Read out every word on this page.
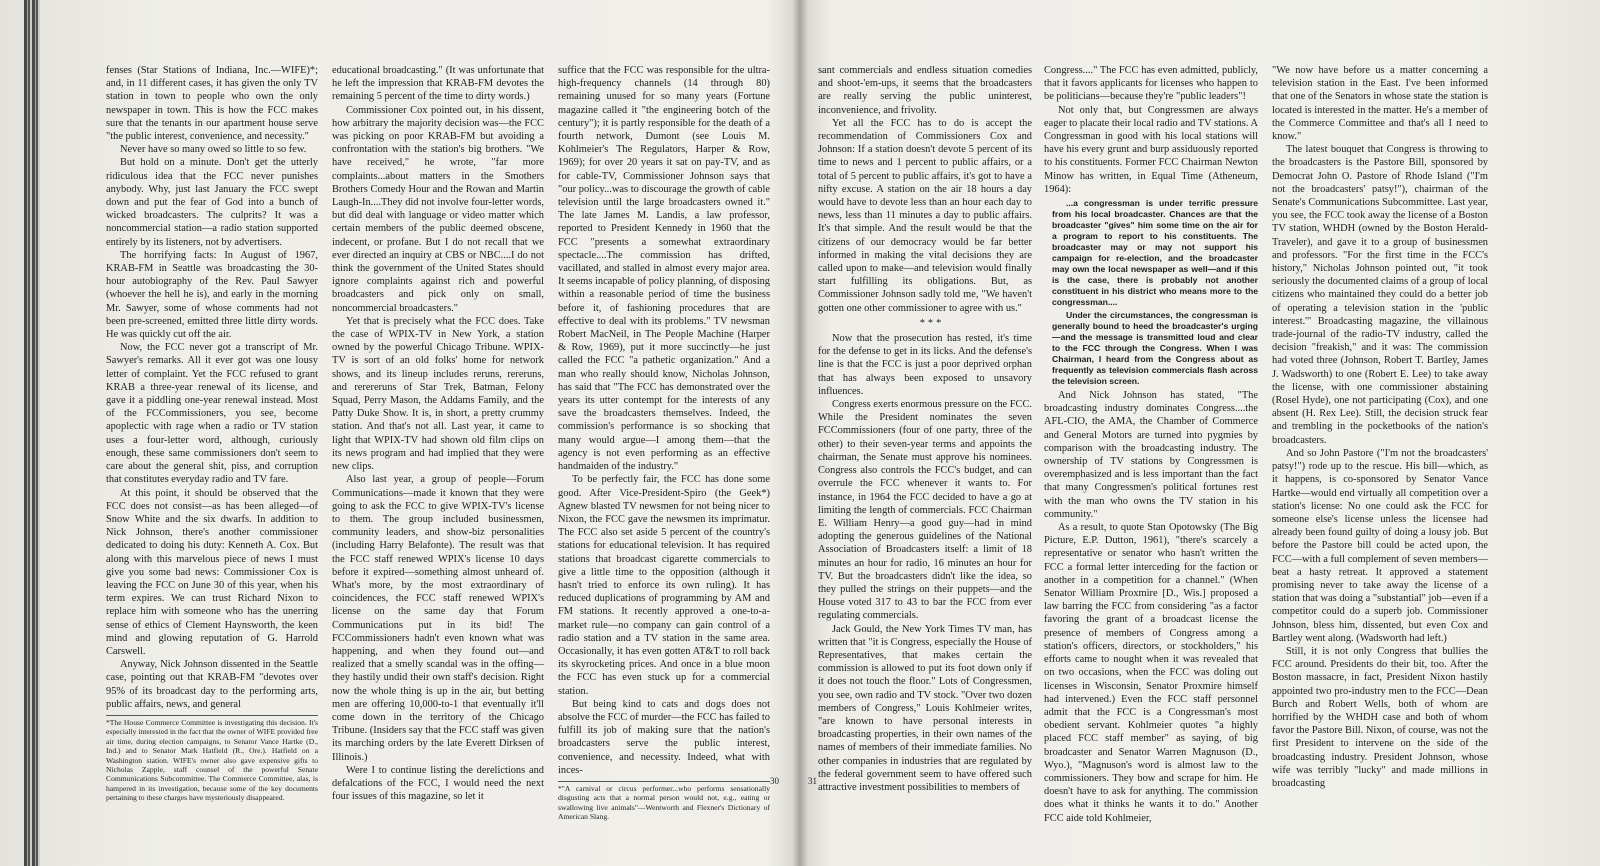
fenses (Star Stations of Indiana, Inc.—WIFE)*; and, in 11 different cases, it has given the only TV station in town to people who own the only newspaper in town. This is how the FCC makes sure that the tenants in our apartment house serve "the public interest, convenience, and necessity."

Never have so many owed so little to so few.

But hold on a minute. Don't get the utterly ridiculous idea that the FCC never punishes anybody. Why, just last January the FCC swept down and put the fear of God into a bunch of wicked broadcasters. The culprits? It was a noncommercial station—a radio station supported entirely by its listeners, not by advertisers.

The horrifying facts: In August of 1967, KRAB-FM in Seattle was broadcasting the 30-hour autobiography of the Rev. Paul Sawyer (whoever the hell he is), and early in the morning Mr. Sawyer, some of whose comments had not been pre-screened, emitted three little dirty words. He was quickly cut off the air.

Now, the FCC never got a transcript of Mr. Sawyer's remarks. All it ever got was one lousy letter of complaint. Yet the FCC refused to grant KRAB a three-year renewal of its license, and gave it a piddling one-year renewal instead. Most of the FCCommissioners, you see, become apoplectic with rage when a radio or TV station uses a four-letter word, although, curiously enough, these same commissioners don't seem to care about the general shit, piss, and corruption that constitutes everyday radio and TV fare.

At this point, it should be observed that the FCC does not consist—as has been alleged—of Snow White and the six dwarfs. In addition to Nick Johnson, there's another commissioner dedicated to doing his duty: Kenneth A. Cox. But along with this marvelous piece of news I must give you some bad news: Commissioner Cox is leaving the FCC on June 30 of this year, when his term expires. We can trust Richard Nixon to replace him with someone who has the unerring sense of ethics of Clement Haynsworth, the keen mind and glowing reputation of G. Harrold Carswell.

Anyway, Nick Johnson dissented in the Seattle case, pointing out that KRAB-FM "devotes over 95% of its broadcast day to the performing arts, public affairs, news, and general

*The House Commerce Committee is investigating this decision. It's especially interested in the fact that the owner of WIFE provided free air time, during election campaigns, to Senator Vance Hartke (D., Ind.) and to Senator Mark Hatfield (R., Ore.). Hatfield on a Washington station. WIFE's owner also gave expensive gifts to Nicholas Zapple, staff counsel of the powerful Senate Communications Subcommittee. The Commerce Committee, alas, is hampered in its investigation, because some of the key documents pertaining to these charges have mysteriously disappeared.

educational broadcasting." (It was unfortunate that he left the impression that KRAB-FM devotes the remaining 5 percent of the time to dirty words.)

Commissioner Cox pointed out, in his dissent, how arbitrary the majority decision was—the FCC was picking on poor KRAB-FM but avoiding a confrontation with the station's big brothers. "We have received," he wrote, "far more complaints...about matters in the Smothers Brothers Comedy Hour and the Rowan and Martin Laugh-In....They did not involve four-letter words, but did deal with language or video matter which certain members of the public deemed obscene, indecent, or profane. But I do not recall that we ever directed an inquiry at CBS or NBC....I do not think the government of the United States should ignore complaints against rich and powerful broadcasters and pick only on small, noncommercial broadcasters."

Yet that is precisely what the FCC does. Take the case of WPIX-TV in New York, a station owned by the powerful Chicago Tribune. WPIX-TV is sort of an old folks' home for network shows, and its lineup includes reruns, rereruns, and rerereruns of Star Trek, Batman, Felony Squad, Perry Mason, the Addams Family, and the Patty Duke Show. It is, in short, a pretty crummy station. And that's not all. Last year, it came to light that WPIX-TV had shown old film clips on its news program and had implied that they were new clips.

Also last year, a group of people—Forum Communications—made it known that they were going to ask the FCC to give WPIX-TV's license to them. The group included businessmen, community leaders, and show-biz personalities (including Harry Belafonte). The result was that the FCC staff renewed WPIX's license 10 days before it expired—something almost unheard of. What's more, by the most extraordinary of coincidences, the FCC staff renewed WPIX's license on the same day that Forum Communications put in its bid! The FCCommissioners hadn't even known what was happening, and when they found out—and realized that a smelly scandal was in the offing—they hastily undid their own staff's decision. Right now the whole thing is up in the air, but betting men are offering 10,000-to-1 that eventually it'll come down in the territory of the Chicago Tribune. (Insiders say that the FCC staff was given its marching orders by the late Everett Dirksen of Illinois.)

Were I to continue listing the derelictions and defalcations of the FCC, I would need the next four issues of this magazine, so let it

suffice that the FCC was responsible for the ultra-high-frequency channels (14 through 80) remaining unused for so many years (Fortune magazine called it "the engineering botch of the century"); it is partly responsible for the death of a fourth network, Dumont (see Louis M. Kohlmeier's The Regulators, Harper & Row, 1969); for over 20 years it sat on pay-TV, and as for cable-TV, Commissioner Johnson says that "our policy...was to discourage the growth of cable television until the large broadcasters owned it." The late James M. Landis, a law professor, reported to President Kennedy in 1960 that the FCC "presents a somewhat extraordinary spectacle....The commission has drifted, vacillated, and stalled in almost every major area. It seems incapable of policy planning, of disposing within a reasonable period of time the business before it, of fashioning procedures that are effective to deal with its problems." TV newsman Robert MacNeil, in The People Machine (Harper & Row, 1969), put it more succinctly—he just called the FCC "a pathetic organization." And a man who really should know, Nicholas Johnson, has said that "The FCC has demonstrated over the years its utter contempt for the interests of any save the broadcasters themselves. Indeed, the commission's performance is so shocking that many would argue—I among them—that the agency is not even performing as an effective handmaiden of the industry."

To be perfectly fair, the FCC has done some good. After Vice-President-Spiro (the Geek*) Agnew blasted TV newsmen for not being nicer to Nixon, the FCC gave the newsmen its imprimatur. The FCC also set aside 5 percent of the country's stations for educational television. It has required stations that broadcast cigarette commercials to give a little time to the opposition (although it hasn't tried to enforce its own ruling). It has reduced duplications of programming by AM and FM stations. It recently approved a one-to-a-market rule—no company can gain control of a radio station and a TV station in the same area. Occasionally, it has even gotten AT&T to roll back its skyrocketing prices. And once in a blue moon the FCC has even stuck up for a commercial station.

But being kind to cats and dogs does not absolve the FCC of murder—the FCC has failed to fulfill its job of making sure that the nation's broadcasters serve the public interest, convenience, and necessity. Indeed, what with inces-

*"A carnival or circus performer...who performs sensationally disgusting acts that a normal person would not, e.g., eating or swallowing live animals"—Wentworth and Flexner's Dictionary of American Slang.

sant commercials and endless situation comedies and shoot-'em-ups, it seems that the broadcasters are really serving the public uninterest, inconvenience, and frivolity.

Yet all the FCC has to do is accept the recommendation of Commissioners Cox and Johnson: If a station doesn't devote 5 percent of its time to news and 1 percent to public affairs, or a total of 5 percent to public affairs, it's got to have a nifty excuse. A station on the air 18 hours a day would have to devote less than an hour each day to news, less than 11 minutes a day to public affairs. It's that simple. And the result would be that the citizens of our democracy would be far better informed in making the vital decisions they are called upon to make—and television would finally start fulfilling its obligations. But, as Commissioner Johnson sadly told me, "We haven't gotten one other commissioner to agree with us."

***

Now that the prosecution has rested, it's time for the defense to get in its licks. And the defense's line is that the FCC is just a poor deprived orphan that has always been exposed to unsavory influences.

Congress exerts enormous pressure on the FCC. While the President nominates the seven FCCommissioners (four of one party, three of the other) to their seven-year terms and appoints the chairman, the Senate must approve his nominees. Congress also controls the FCC's budget, and can overrule the FCC whenever it wants to. For instance, in 1964 the FCC decided to have a go at limiting the length of commercials. FCC Chairman E. William Henry—a good guy—had in mind adopting the generous guidelines of the National Association of Broadcasters itself: a limit of 18 minutes an hour for radio, 16 minutes an hour for TV. But the broadcasters didn't like the idea, so they pulled the strings on their puppets—and the House voted 317 to 43 to bar the FCC from ever regulating commercials.

Jack Gould, the New York Times TV man, has written that "it is Congress, especially the House of Representatives, that makes certain the commission is allowed to put its foot down only if it does not touch the floor." Lots of Congressmen, you see, own radio and TV stock. "Over two dozen members of Congress," Louis Kohlmeier writes, "are known to have personal interests in broadcasting properties, in their own names of the names of members of their immediate families. No other companies in industries that are regulated by the federal government seem to have offered such attractive investment possibilities to members of

Congress...." The FCC has even admitted, publicly, that it favors applicants for licenses who happen to be politicians—because they're "public leaders"!

Not only that, but Congressmen are always eager to placate their local radio and TV stations. A Congressman in good with his local stations will have his every grunt and burp assiduously reported to his constituents. Former FCC Chairman Newton Minow has written, in Equal Time (Atheneum, 1964):

...a congressman is under terrific pressure from his local broadcaster. Chances are that the broadcaster "gives" him some time on the air for a program to report to his constituents. The broadcaster may or may not support his campaign for re-election, and the broadcaster may own the local newspaper as well—and if this is the case, there is probably not another constituent in his district who means more to the congressman....

Under the circumstances, the congressman is generally bound to heed the broadcaster's urging—and the message is transmitted loud and clear to the FCC through the Congress. When I was Chairman, I heard from the Congress about as frequently as television commercials flash across the television screen.

And Nick Johnson has stated, "The broadcasting industry dominates Congress....the AFL-CIO, the AMA, the Chamber of Commerce and General Motors are turned into pygmies by comparison with the broadcasting industry. The ownership of TV stations by Congressmen is overemphasized and is less important than the fact that many Congressmen's political fortunes rest with the man who owns the TV station in his community."

As a result, to quote Stan Opotowsky (The Big Picture, E.P. Dutton, 1961), "there's scarcely a representative or senator who hasn't written the FCC a formal letter interceding for the faction or another in a competition for a channel." (When Senator William Proxmire [D., Wis.] proposed a law barring the FCC from considering "as a factor favoring the grant of a broadcast license the presence of members of Congress among a station's officers, directors, or stockholders," his efforts came to nought when it was revealed that on two occasions, when the FCC was doling out licenses in Wisconsin, Senator Proxmire himself had intervened.) Even the FCC staff personnel admit that the FCC is a Congressman's most obedient servant. Kohlmeier quotes "a highly placed FCC staff member" as saying, of big broadcaster and Senator Warren Magnuson (D., Wyo.), "Magnuson's word is almost law to the commissioners. They bow and scrape for him. He doesn't have to ask for anything. The commission does what it thinks he wants it to do." Another FCC aide told Kohlmeier,

"We now have before us a matter concerning a television station in the East. I've been informed that one of the Senators in whose state the station is located is interested in the matter. He's a member of the Commerce Committee and that's all I need to know."

The latest bouquet that Congress is throwing to the broadcasters is the Pastore Bill, sponsored by Democrat John O. Pastore of Rhode Island ("I'm not the broadcasters' patsy!"), chairman of the Senate's Communications Subcommittee. Last year, you see, the FCC took away the license of a Boston TV station, WHDH (owned by the Boston Herald-Traveler), and gave it to a group of businessmen and professors. "For the first time in the FCC's history," Nicholas Johnson pointed out, "it took seriously the documented claims of a group of local citizens who maintained they could do a better job of operating a television station in the 'public interest.'" Broadcasting magazine, the villainous trade-journal of the radio-TV industry, called the decision "freakish," and it was: The commission had voted three (Johnson, Robert T. Bartley, James J. Wadsworth) to one (Robert E. Lee) to take away the license, with one commissioner abstaining (Rosel Hyde), one not participating (Cox), and one absent (H. Rex Lee). Still, the decision struck fear and trembling in the pocketbooks of the nation's broadcasters.

And so John Pastore ("I'm not the broadcasters' patsy!") rode up to the rescue. His bill—which, as it happens, is co-sponsored by Senator Vance Hartke—would end virtually all competition over a station's license: No one could ask the FCC for someone else's license unless the licensee had already been found guilty of doing a lousy job. But before the Pastore bill could be acted upon, the FCC—with a full complement of seven members—beat a hasty retreat. It approved a statement promising never to take away the license of a station that was doing a "substantial" job—even if a competitor could do a superb job. Commissioner Johnson, bless him, dissented, but even Cox and Bartley went along. (Wadsworth had left.)

Still, it is not only Congress that bullies the FCC around. Presidents do their bit, too. After the Boston massacre, in fact, President Nixon hastily appointed two pro-industry men to the FCC—Dean Burch and Robert Wells, both of whom are horrified by the WHDH case and both of whom favor the Pastore Bill. Nixon, of course, was not the first President to intervene on the side of the broadcasting industry. President Johnson, whose wife was terribly "lucky" and made millions in broadcasting

30	31
